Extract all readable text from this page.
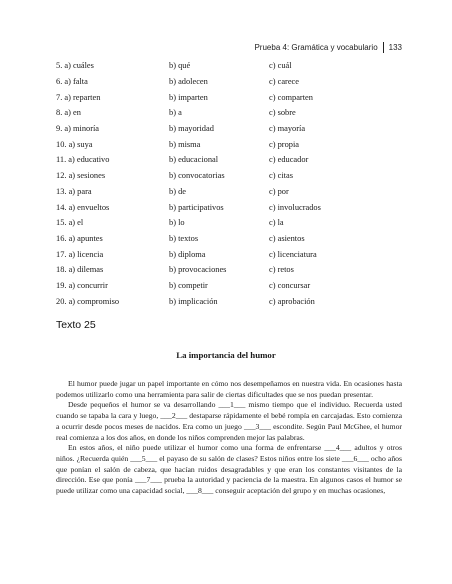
Prueba 4: Gramática y vocabulario 133
5. a) cuáles	b) qué	c) cuál
6. a) falta	b) adolecen	c) carece
7. a) reparten	b) imparten	c) comparten
8. a) en	b) a	c) sobre
9. a) minoría	b) mayoridad	c) mayoría
10. a) suya	b) misma	c) propia
11. a) educativo	b) educacional	c) educador
12. a) sesiones	b) convocatorias	c) citas
13. a) para	b) de	c) por
14. a) envueltos	b) participativos	c) involucrados
15. a) el	b) lo	c) la
16. a) apuntes	b) textos	c) asientos
17. a) licencia	b) diploma	c) licenciatura
18. a) dilemas	b) provocaciones	c) retos
19. a) concurrir	b) competir	c) concursar
20. a) compromiso	b) implicación	c) aprobación
Texto 25
La importancia del humor

El humor puede jugar un papel importante en cómo nos desempeñamos en nuestra vida. En ocasiones hasta podemos utilizarlo como una herramienta para salir de ciertas dificultades que se nos puedan presentar.

Desde pequeños el humor se va desarrollando ___1___ mismo tiempo que el individuo. Recuerda usted cuando se tapaba la cara y luego, ___2___ destaparse rápidamente el bebé rompía en carcajadas. Esto comienza a ocurrir desde pocos meses de nacidos. Era como un juego ___3___ escondite. Según Paul McGhee, el humor real comienza a los dos años, en donde los niños comprenden mejor las palabras.

En estos años, el niño puede utilizar el humor como una forma de enfrentarse ___4___ adultos y otros niños. ¿Recuerda quién ___5___ el payaso de su salón de clases? Estos niños entre los siete ___6___ ocho años que ponían el salón de cabeza, que hacían ruidos desagradables y que eran los constantes visitantes de la dirección. Ese que ponía ___7___ prueba la autoridad y paciencia de la maestra. En algunos casos el humor se puede utilizar como una capacidad social, ___8___ conseguir aceptación del grupo y en muchas ocasiones,
